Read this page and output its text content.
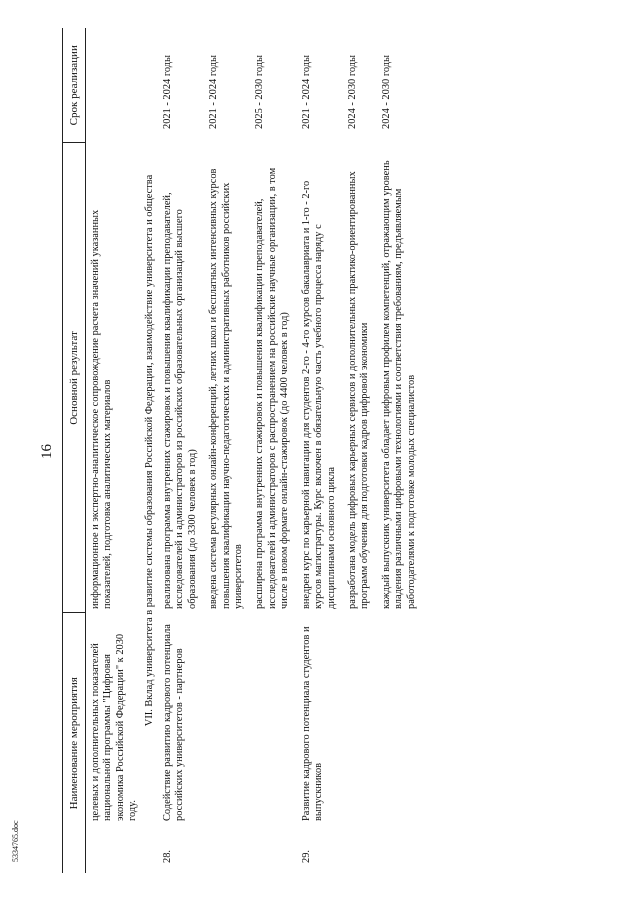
16
5334765.doc
Наименование мероприятия		Основной результат	Срок реализации
	целевых и дополнительных показателей национальной программы "Цифровая экономика Российской Федерации" к 2030 году.	информационное и экспертно-аналитическое сопровождение расчета значений указанных показателей, подготовка аналитических материалов	

VII. Вклад университета в развитие системы образования Российской Федерации, взаимодействие университета и общества			
28.	Содействие развитию кадрового потенциала российских университетов - партнеров	реализована программа внутренних стажировок и повышения квалификации преподавателей, исследователей и администраторов из российских образовательных организаций высшего образования (до 3300 человек в год)	2021 - 2024 годы

		введена система регулярных онлайн-конференций, летних школ и бесплатных интенсивных курсов повышения квалификации научно-педагогических и административных работников российских университетов	2021 - 2024 годы

		расширена программа внутренних стажировок и повышения квалификации преподавателей, исследователей и администраторов с распространением на российские научные организации, в том числе в новом формате онлайн-стажировок (до 4400 человек в год)	2025 - 2030 годы

29.	Развитие кадрового потенциала студентов и выпускников	внедрен курс по карьерной навигации для студентов 2-го - 4-го курсов бакалавриата и 1-го - 2-го курсов магистратуры. Курс включен в обязательную часть учебного процесса наряду с дисциплинами основного цикла	2021 - 2024 годы

		разработана модель цифровых карьерных сервисов и дополнительных практико-ориентированных программ обучения для подготовки кадров цифровой экономики	2024 - 2030 годы

		каждый выпускник университета обладает цифровым профилем компетенций, отражающим уровень владения различными цифровыми технологиями и соответствия требованиям, предъявляемым работодателями к подготовке молодых специалистов	2024 - 2030 годы
